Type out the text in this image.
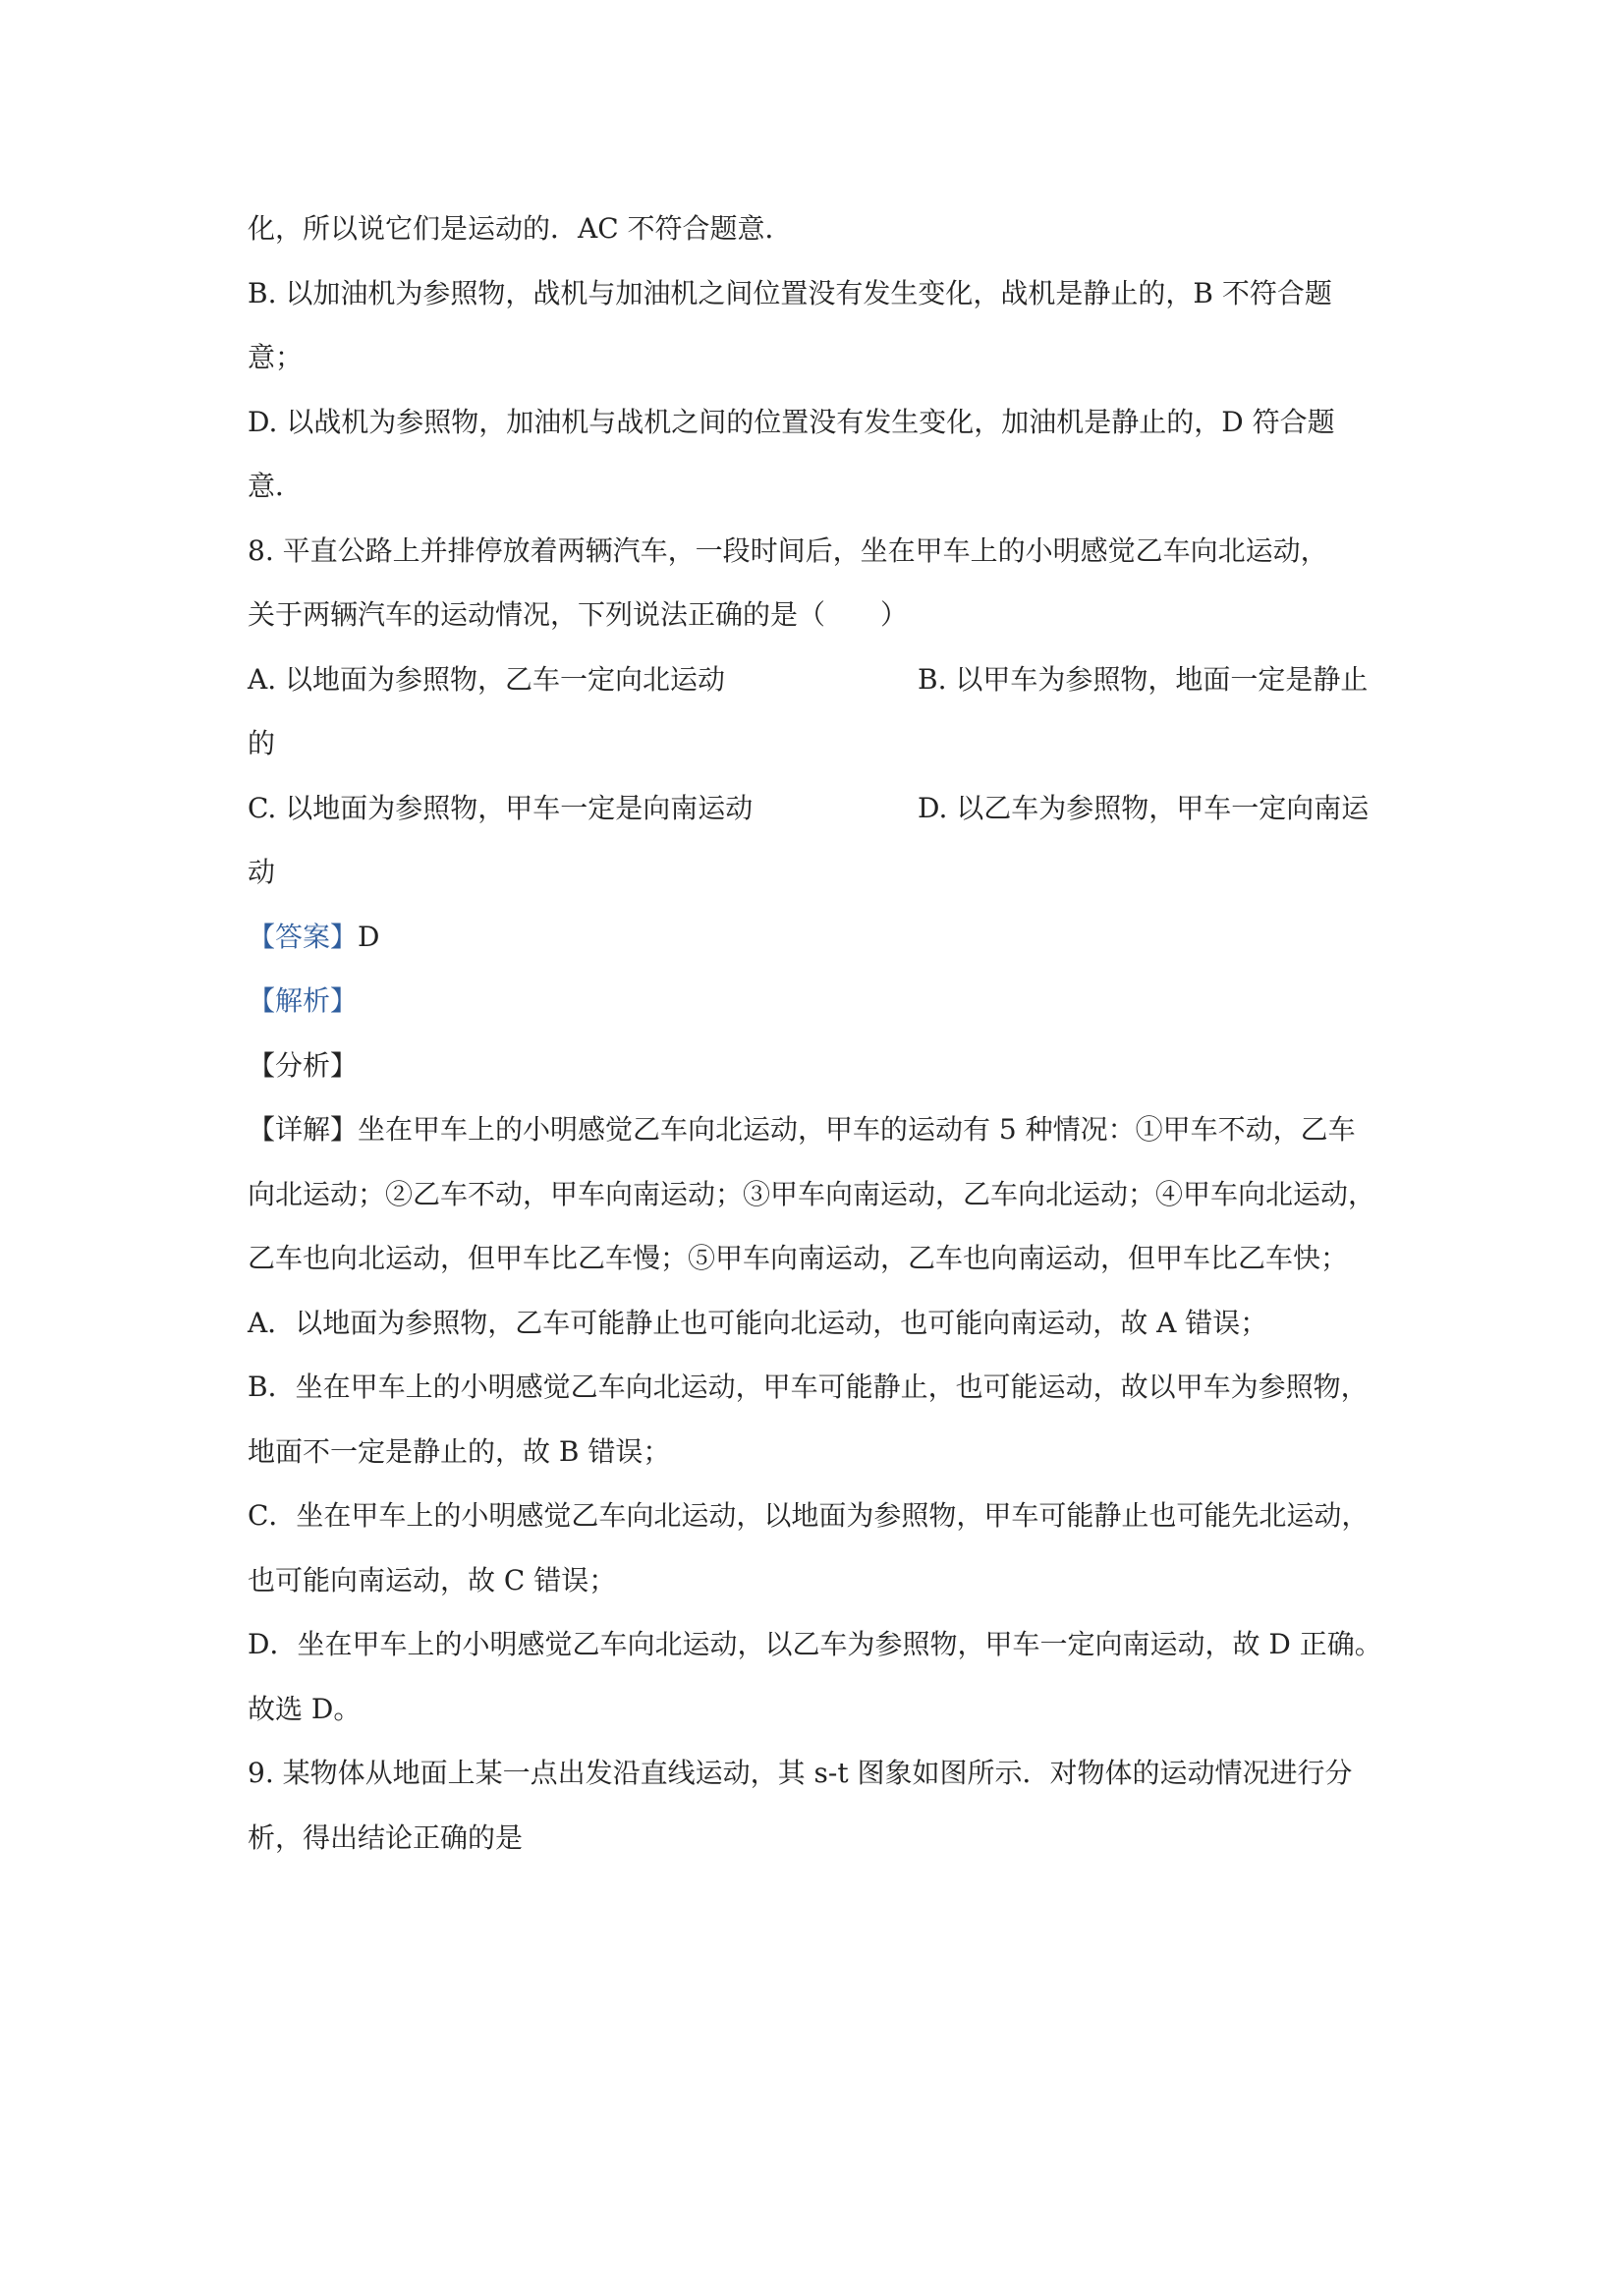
化，所以说它们是运动的．AC 不符合题意．
B. 以加油机为参照物，战机与加油机之间位置没有发生变化，战机是静止的，B 不符合题
意；
D. 以战机为参照物，加油机与战机之间的位置没有发生变化，加油机是静止的，D 符合题
意．
8. 平直公路上并排停放着两辆汽车，一段时间后，坐在甲车上的小明感觉乙车向北运动，
关于两辆汽车的运动情况，下列说法正确的是（　　）
A. 以地面为参照物，乙车一定向北运动	B. 以甲车为参照物，地面一定是静止
的
C. 以地面为参照物，甲车一定是向南运动	D. 以乙车为参照物，甲车一定向南运
动
【答案】D
【解析】
【分析】
【详解】坐在甲车上的小明感觉乙车向北运动，甲车的运动有 5 种情况：①甲车不动，乙车
向北运动；②乙车不动，甲车向南运动；③甲车向南运动，乙车向北运动；④甲车向北运动，
乙车也向北运动，但甲车比乙车慢；⑤甲车向南运动，乙车也向南运动，但甲车比乙车快；
A．以地面为参照物，乙车可能静止也可能向北运动，也可能向南运动，故 A 错误；
B．坐在甲车上的小明感觉乙车向北运动，甲车可能静止，也可能运动，故以甲车为参照物，
地面不一定是静止的，故 B 错误；
C．坐在甲车上的小明感觉乙车向北运动，以地面为参照物，甲车可能静止也可能先北运动，
也可能向南运动，故 C 错误；
D．坐在甲车上的小明感觉乙车向北运动，以乙车为参照物，甲车一定向南运动，故 D 正确。
故选 D。
9. 某物体从地面上某一点出发沿直线运动，其 s-t 图象如图所示．对物体的运动情况进行分
析，得出结论正确的是
